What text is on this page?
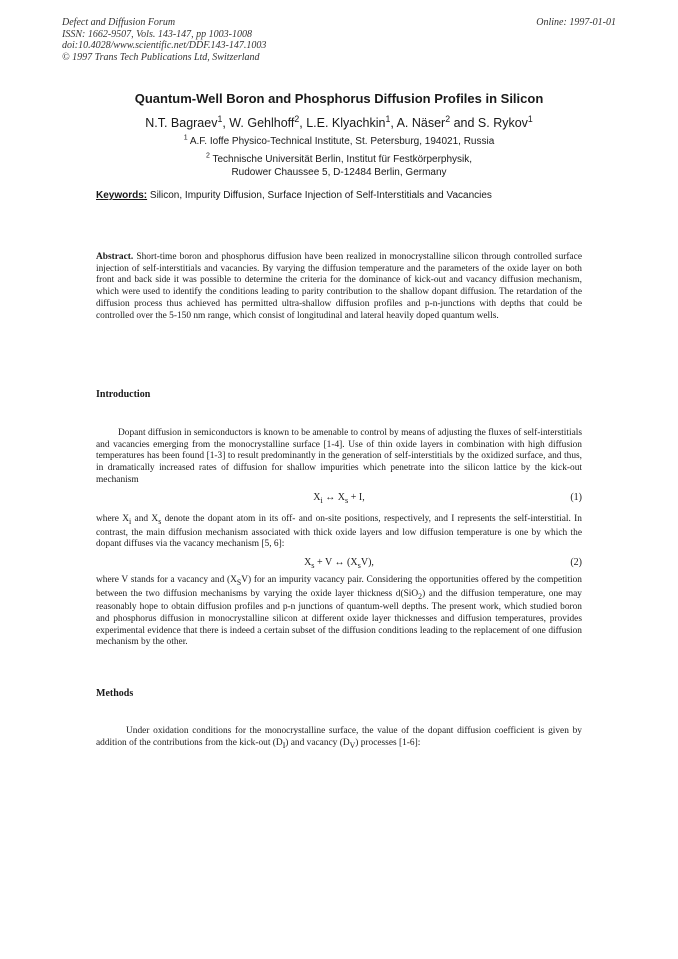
Defect and Diffusion Forum
ISSN: 1662-9507, Vols. 143-147, pp 1003-1008
doi:10.4028/www.scientific.net/DDF.143-147.1003
© 1997 Trans Tech Publications Ltd, Switzerland
Online: 1997-01-01
Quantum-Well Boron and Phosphorus Diffusion Profiles in Silicon
N.T. Bagraev$^1$, W. Gehlhoff$^2$, L.E. Klyachkin$^1$, A. Näser$^2$ and S. Rykov$^1$
$^1$ A.F. Ioffe Physico-Technical Institute, St. Petersburg, 194021, Russia
$^2$ Technische Universität Berlin, Institut für Festkörperphysik,
Rudower Chaussee 5, D-12484 Berlin, Germany
Keywords: Silicon, Impurity Diffusion, Surface Injection of Self-Interstitials and Vacancies
Abstract. Short-time boron and phosphorus diffusion have been realized in monocrystalline silicon through controlled surface injection of self-interstitials and vacancies. By varying the diffusion temperature and the parameters of the oxide layer on both front and back side it was possible to determine the criteria for the dominance of kick-out and vacancy diffusion mechanism, which were used to identify the conditions leading to parity contribution to the shallow dopant diffusion. The retardation of the diffusion process thus achieved has permitted ultra-shallow diffusion profiles and p-n-junctions with depths that could be controlled over the 5-150 nm range, which consist of longitudinal and lateral heavily doped quantum wells.
Introduction
Dopant diffusion in semiconductors is known to be amenable to control by means of adjusting the fluxes of self-interstitials and vacancies emerging from the monocrystalline surface [1-4]. Use of thin oxide layers in combination with high diffusion temperatures has been found [1-3] to result predominantly in the generation of self-interstitials by the oxidized surface, and thus, in dramatically increased rates of diffusion for shallow impurities which penetrate into the silicon lattice by the kick-out mechanism
$X_i$ ↔ $X_s + I$,	(1)
where $X_i$ and $X_s$ denote the dopant atom in its off- and on-site positions, respectively, and I represents the self-interstitial. In contrast, the main diffusion mechanism associated with thick oxide layers and low diffusion temperature is one by which the dopant diffuses via the vacancy mechanism [5, 6]:
$X_s + V$ ↔ $(X_sV)$,	(2)
where V stands for a vacancy and $(X_SV)$ for an impurity vacancy pair. Considering the opportunities offered by the competition between the two diffusion mechanisms by varying the oxide layer thickness d(SiO$_2$) and the diffusion temperature, one may reasonably hope to obtain diffusion profiles and p-n junctions of quantum-well depths. The present work, which studied boron and phosphorus diffusion in monocrystalline silicon at different oxide layer thicknesses and diffusion temperatures, provides experimental evidence that there is indeed a certain subset of the diffusion conditions leading to the replacement of one diffusion mechanism by the other.
Methods
Under oxidation conditions for the monocrystalline surface, the value of the dopant diffusion coefficient is given by addition of the contributions from the kick-out $(D_I)$ and vacancy $(D_V)$ processes [1-6]:
